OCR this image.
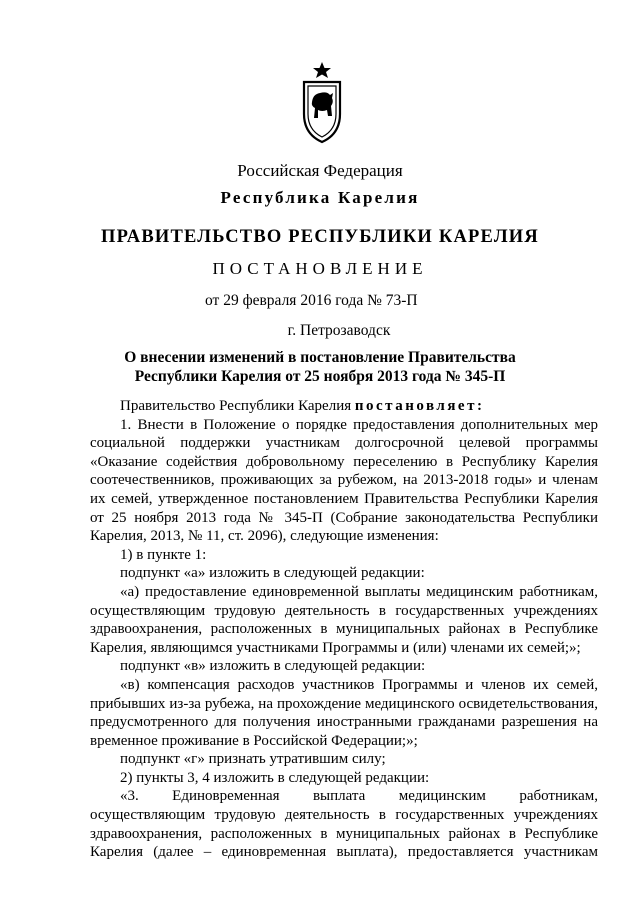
Российская Федерация
Республика Карелия
ПРАВИТЕЛЬСТВО РЕСПУБЛИКИ КАРЕЛИЯ
ПОСТАНОВЛЕНИЕ
от 29 февраля 2016 года № 73-П
г. Петрозаводск
О внесении изменений в постановление Правительства
Республики Карелия от 25 ноября 2013 года № 345-П

Правительство Республики Карелия постановляет:

1. Внести в Положение о порядке предоставления дополнительных мер социальной поддержки участникам долгосрочной целевой программы «Оказание содействия добровольному переселению в Республику Карелия соотечественников, проживающих за рубежом, на 2013-2018 годы» и членам их семей, утвержденное постановлением Правительства Республики Карелия от 25 ноября 2013 года № 345-П (Собрание законодательства Республики Карелия, 2013, № 11, ст. 2096), следующие изменения:

1) в пункте 1:

подпункт «а» изложить в следующей редакции:

«а) предоставление единовременной выплаты медицинским работникам, осуществляющим трудовую деятельность в государственных учреждениях здравоохранения, расположенных в муниципальных районах в Республике Карелия, являющимся участниками Программы и (или) членами их семей;»;

подпункт «в» изложить в следующей редакции:

«в) компенсация расходов участников Программы и членов их семей, прибывших из-за рубежа, на прохождение медицинского освидетельствования, предусмотренного для получения иностранными гражданами разрешения на временное проживание в Российской Федерации;»;

подпункт «г» признать утратившим силу;

2) пункты 3, 4 изложить в следующей редакции:

«3. Единовременная выплата медицинским работникам, осуществляющим трудовую деятельность в государственных учреждениях здравоохранения, расположенных в муниципальных районах в Республике Карелия (далее – единовременная выплата), предоставляется участникам
